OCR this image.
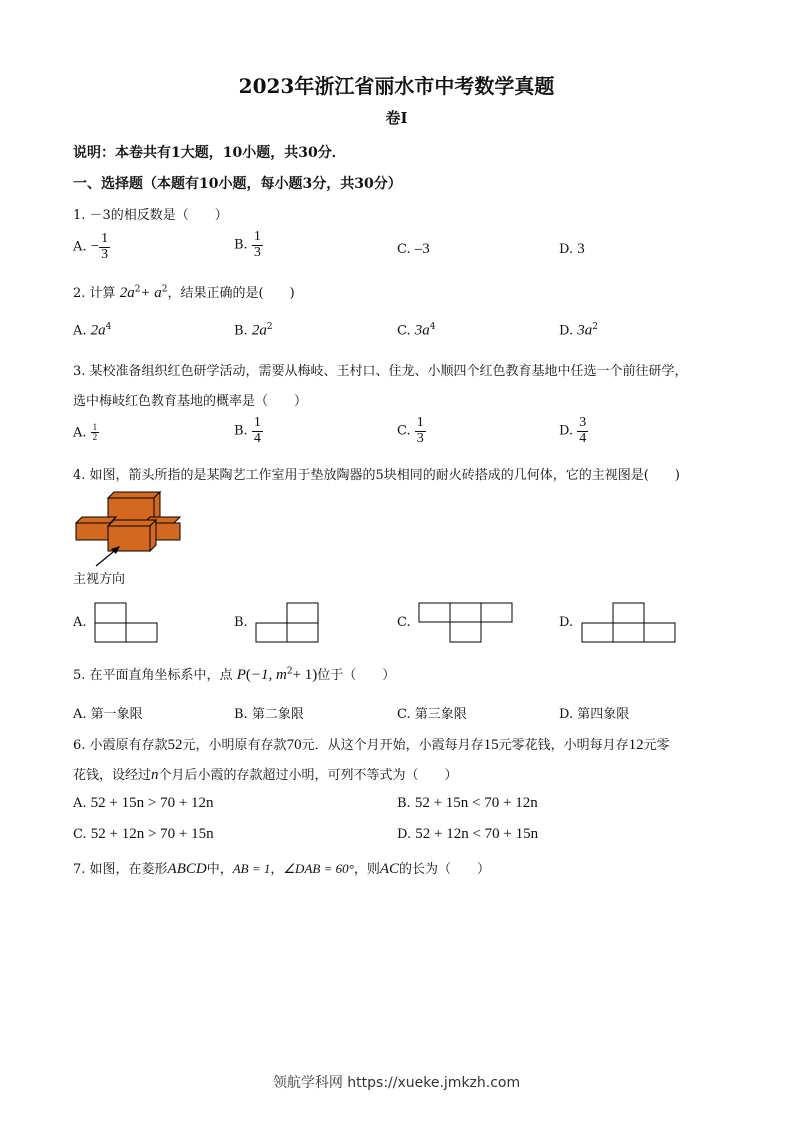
2023年浙江省丽水市中考数学真题
卷I
说明：本卷共有1大题，10小题，共30分．
一、选择题（本题有10小题，每小题3分，共30分）
1. －3的相反数是（　　）
A. − $\frac{1}{3}$	B. $\frac{1}{3}$	C. –3	D. 3
2. 计算 $2a^2+ a^2$，结果正确的是(　　)
A. $2a^4$	B. $2a^2$	C. $3a^4$	D. $3a^2$
3. 某校准备组织红色研学活动，需要从梅岐、王村口、住龙、小顺四个红色教育基地中任选一个前往研学，
选中梅岐红色教育基地的概率是（　　）
A. $\frac{1}{2}$	B. $\frac{1}{4}$	C. $\frac{1}{3}$	D. $\frac{3}{4}$
4. 如图，箭头所指的是某陶艺工作室用于垫放陶器的5块相同的耐火砖搭成的几何体，它的主视图是(　　)
主视方向
A.	B.	C.	D.
5. 在平面直角坐标系中，点 P(−1, $m^2+ 1$)位于（　　）
A. 第一象限	B. 第二象限	C. 第三象限	D. 第四象限
6. 小霞原有存款52元，小明原有存款70元．从这个月开始，小霞每月存15元零花钱，小明每月存12元零
花钱，设经过n个月后小霞的存款超过小明，可列不等式为（　　）
A. 52 + 15n > 70 + 12n	B. 52 + 15n < 70 + 12n
C. 52 + 12n > 70 + 15n	D. 52 + 12n < 70 + 15n
7. 如图，在菱形ABCD中，AB = 1，∠DAB = 60°，则AC的长为（　　）
领航学科网 https://xueke.jmkzh.com
